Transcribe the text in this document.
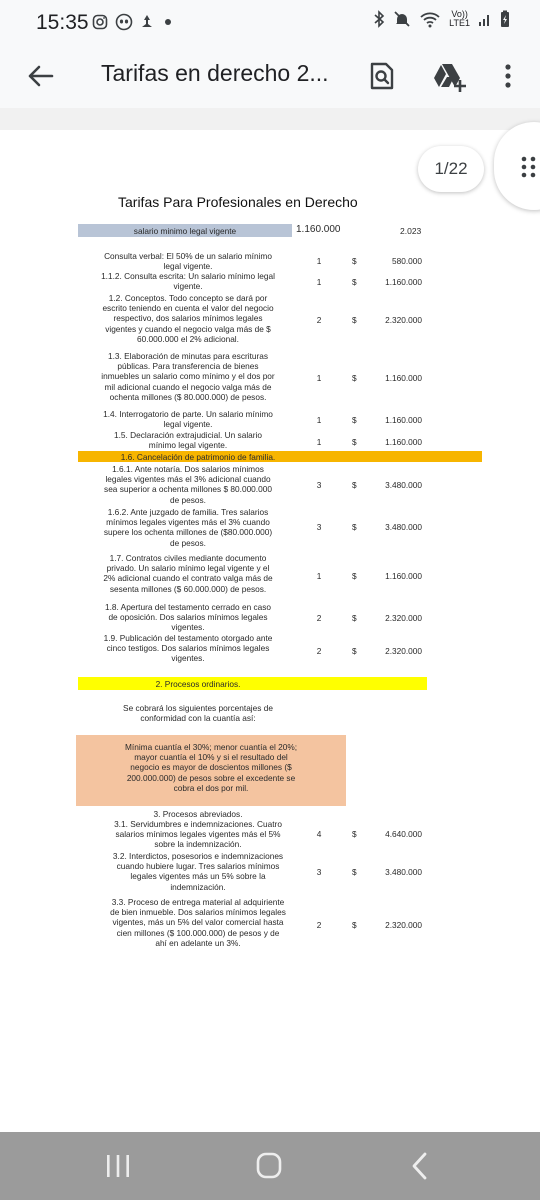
15:35	Vo))
LTE1
Tarifas en derecho 2...
1/22
Tarifas Para Profesionales en Derecho
salario minimo legal vigente	1.160.000	2.023
Consulta verbal: El 50% de un salario mínimo
legal vigente.
1	$	580.000
1.1.2. Consulta escrita: Un salario mínimo legal
vigente.	1	$	1.160.000
1.2. Conceptos. Todo concepto se dará por
escrito teniendo en cuenta el valor del negocio
respectivo, dos salarios mínimos legales
vigentes y cuando el negocio valga más de $
60.000.000 el 2% adicional.
2	$	2.320.000
1.3. Elaboración de minutas para escrituras
públicas. Para transferencia de bienes
inmuebles un salario como mínimo y el dos por
mil adicional cuando el negocio valga más de
ochenta millones ($ 80.000.000) de pesos.
1	$	1.160.000
1.4. Interrogatorio de parte. Un salario mínimo
legal vigente.	1	$	1.160.000
1.5. Declaración extrajudicial. Un salario
mínimo legal vigente.	1	$	1.160.000
1.6. Cancelación de patrimonio de familia.
1.6.1. Ante notaría. Dos salarios mínimos
legales vigentes más el 3% adicional cuando
sea superior a ochenta millones $ 80.000.000
de pesos.
3	$	3.480.000
1.6.2. Ante juzgado de familia. Tres salarios
mínimos legales vigentes más el 3% cuando
supere los ochenta millones de ($80.000.000)
de pesos.
3	$	3.480.000
1.7. Contratos civiles mediante documento
privado. Un salario mínimo legal vigente y el
2% adicional cuando el contrato valga más de
sesenta millones ($ 60.000.000) de pesos.
1	$	1.160.000
1.8. Apertura del testamento cerrado en caso
de oposición. Dos salarios mínimos legales
vigentes.
2	$	2.320.000
1.9. Publicación del testamento otorgado ante
cinco testigos. Dos salarios mínimos legales
vigentes.
2	$	2.320.000
2. Procesos ordinarios.
Se cobrará los siguientes porcentajes de
conformidad con la cuantía así:
Mínima cuantía el 30%; menor cuantía el 20%;
mayor cuantía el 10% y si el resultado del
negocio es mayor de doscientos millones ($
200.000.000) de pesos sobre el excedente se
cobra el dos por mil.
3. Procesos abreviados.
3.1. Servidumbres e indemnizaciones. Cuatro
salarios mínimos legales vigentes más el 5%
sobre la indemnización.
4	$	4.640.000
3.2. Interdictos, posesorios e indemnizaciones
cuando hubiere lugar. Tres salarios mínimos
legales vigentes más un 5% sobre la
indemnización.
3	$	3.480.000
3.3. Proceso de entrega material al adquiriente
de bien inmueble. Dos salarios mínimos legales
vigentes, más un 5% del valor comercial hasta
cien millones ($ 100.000.000) de pesos y de
ahí en adelante un 3%.
2	$	2.320.000
